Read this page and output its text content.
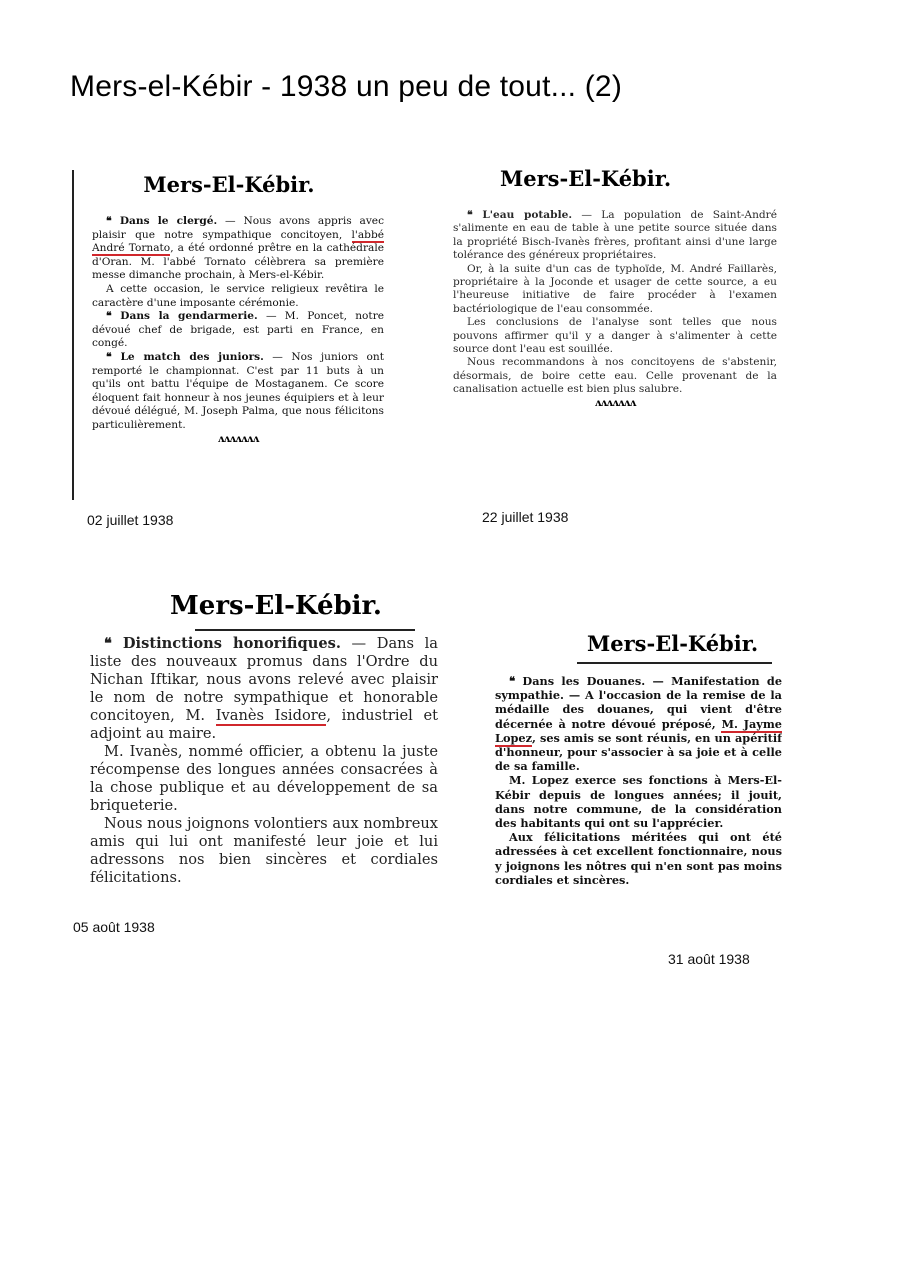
Mers-el-Kébir - 1938 un peu de tout... (2)
Mers-El-Kébir.

❝ Dans le clergé. — Nous avons appris avec plaisir que notre sympathique concitoyen, l'abbé André Tornato, a été ordonné prêtre en la cathédrale d'Oran. M. l'abbé Tornato célèbrera sa première messe dimanche prochain, à Mers-el-Kébir.

A cette occasion, le service religieux revêtira le caractère d'une imposante cérémonie.

❝ Dans la gendarmerie. — M. Poncet, notre dévoué chef de brigade, est parti en France, en congé.

❝ Le match des juniors. — Nos juniors ont remporté le championnat. C'est par 11 buts à un qu'ils ont battu l'équipe de Mostaganem. Ce score éloquent fait honneur à nos jeunes équipiers et à leur dévoué délégué, M. Joseph Palma, que nous félicitons particulièrement.

ʌʌʌʌʌʌʌ
02 juillet 1938
Mers-El-Kébir.

❝ L'eau potable. — La population de Saint-André s'alimente en eau de table à une petite source située dans la propriété Bisch-Ivanès frères, profitant ainsi d'une large tolérance des généreux propriétaires.

Or, à la suite d'un cas de typhoïde, M. André Faillarès, propriétaire à la Joconde et usager de cette source, a eu l'heureuse initiative de faire procéder à l'examen bactériologique de l'eau consommée.

Les conclusions de l'analyse sont telles que nous pouvons affirmer qu'il y a danger à s'alimenter à cette source dont l'eau est souillée.

Nous recommandons à nos concitoyens de s'abstenir, désormais, de boire cette eau. Celle provenant de la canalisation actuelle est bien plus salubre.

ʌʌʌʌʌʌʌ
22 juillet 1938
Mers-El-Kébir.

❝ Distinctions honorifiques. — Dans la liste des nouveaux promus dans l'Ordre du Nichan Iftikar, nous avons relevé avec plaisir le nom de notre sympathique et honorable concitoyen, M. Ivanès Isidore, industriel et adjoint au maire.

M. Ivanès, nommé officier, a obtenu la juste récompense des longues années consacrées à la chose publique et au développement de sa briqueterie.

Nous nous joignons volontiers aux nombreux amis qui lui ont manifesté leur joie et lui adressons nos bien sincères et cordiales félicitations.

05 août 1938
Mers-El-Kébir.

❝ Dans les Douanes. — Manifestation de sympathie. — A l'occasion de la remise de la médaille des douanes, qui vient d'être décernée à notre dévoué préposé, M. Jayme Lopez, ses amis se sont réunis, en un apéritif d'honneur, pour s'associer à sa joie et à celle de sa famille.

M. Lopez exerce ses fonctions à Mers-El-Kébir depuis de longues années; il jouit, dans notre commune, de la considération des habitants qui ont su l'apprécier.

Aux félicitations méritées qui ont été adressées à cet excellent fonctionnaire, nous y joignons les nôtres qui n'en sont pas moins cordiales et sincères.

31 août 1938
